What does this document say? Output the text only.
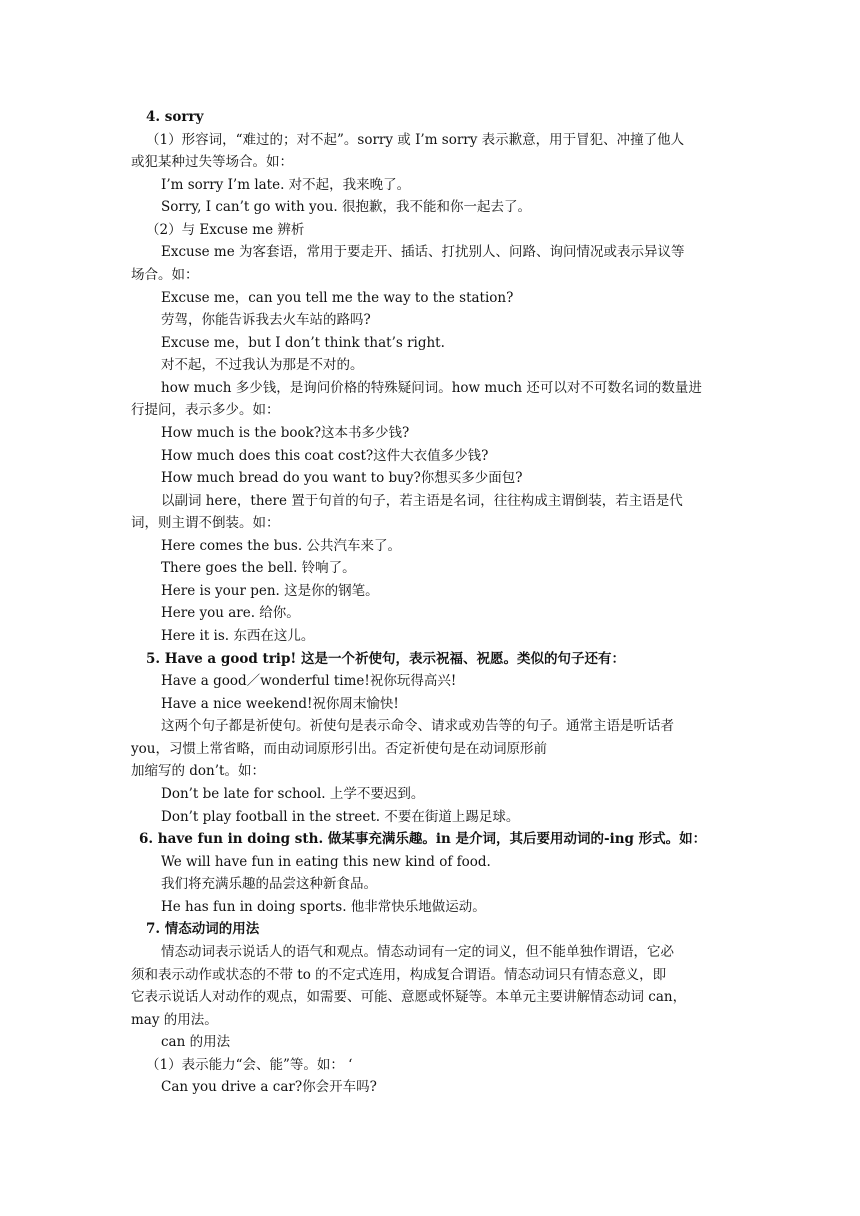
4. sorry
（1）形容词，“难过的；对不起”。sorry 或 I’m sorry 表示歉意，用于冒犯、冲撞了他人
或犯某种过失等场合。如：
I’m sorry I’m late. 对不起，我来晚了。
Sorry, I can’t go with you. 很抱歉，我不能和你一起去了。
（2）与 Excuse me 辨析
Excuse me 为客套语，常用于要走开、插话、打扰别人、问路、询问情况或表示异议等
场合。如：
Excuse me，can you tell me the way to the station?
劳驾，你能告诉我去火车站的路吗?
Excuse me，but I don’t think that’s right.
对不起，不过我认为那是不对的。
how much 多少钱，是询问价格的特殊疑问词。how much 还可以对不可数名词的数量进
行提问，表示多少。如：
How much is the book?这本书多少钱?
How much does this coat cost?这件大衣值多少钱?
How much bread do you want to buy?你想买多少面包?
以副词 here，there 置于句首的句子，若主语是名词，往往构成主谓倒装，若主语是代
词，则主谓不倒装。如：
Here comes the bus. 公共汽车来了。
There goes the bell. 铃响了。
Here is your pen. 这是你的钢笔。
Here you are. 给你。
Here it is. 东西在这儿。
5. Have a good trip! 这是一个祈使句，表示祝福、祝愿。类似的句子还有：
Have a good／wonderful time!祝你玩得高兴!
Have a nice weekend!祝你周末愉快!
这两个句子都是祈使句。祈使句是表示命令、请求或劝告等的句子。通常主语是听话者
you，习惯上常省略，而由动词原形引出。否定祈使句是在动词原形前
加缩写的 don’t。如：
Don’t be late for school. 上学不要迟到。
Don’t play football in the street. 不要在街道上踢足球。
6. have fun in doing sth. 做某事充满乐趣。in 是介词，其后要用动词的-ing 形式。如：
We will have fun in eating this new kind of food.
我们将充满乐趣的品尝这种新食品。
He has fun in doing sports. 他非常快乐地做运动。
7. 情态动词的用法
情态动词表示说话人的语气和观点。情态动词有一定的词义，但不能单独作谓语，它必
须和表示动作或状态的不带 to 的不定式连用，构成复合谓语。情态动词只有情态意义，即
它表示说话人对动作的观点，如需要、可能、意愿或怀疑等。本单元主要讲解情态动词 can，
may 的用法。
can 的用法
（1）表示能力“会、能”等。如： ‘
Can you drive a car?你会开车吗?
